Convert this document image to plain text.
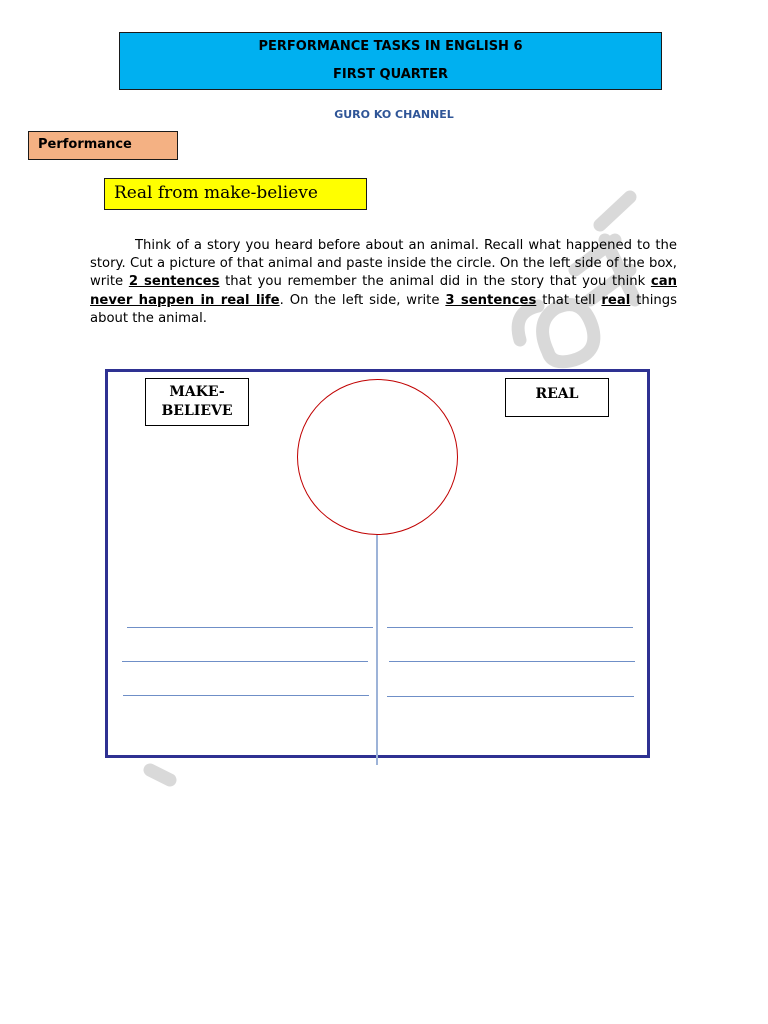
PERFORMANCE TASKS IN ENGLISH 6
FIRST QUARTER
GURO KO CHANNEL
Performance
Real from make-believe
Think of a story you heard before about an animal. Recall what happened to the story. Cut a picture of that animal and paste inside the circle. On the left side of the box, write 2 sentences that you remember the animal did in the story that you think can never happen in real life. On the left side, write 3 sentences that tell real things about the animal.
MAKE-
BELIEVE
REAL
